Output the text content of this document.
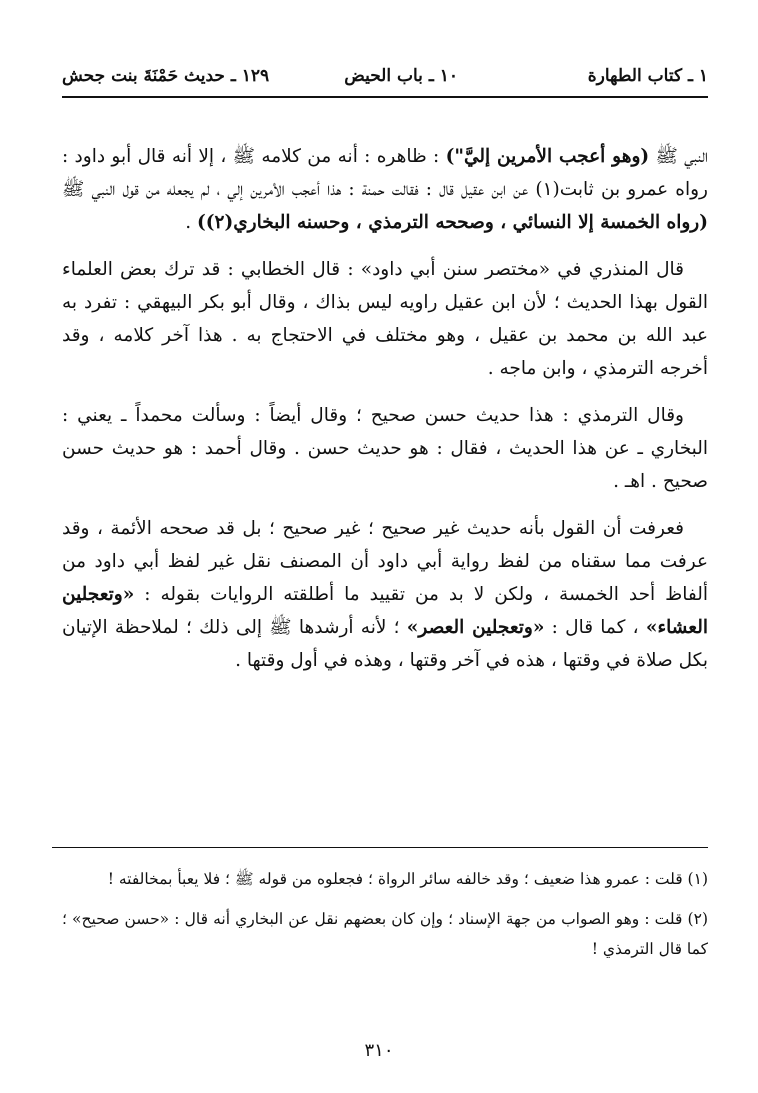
١ ـ كتاب الطهارة
١٠ ـ باب الحيض
١٢٩ ـ حديث حَمْنَةَ بنت جحش

النبي ﷺ (وهو أعجب الأمرين إليَّ") : ظاهره : أنه من كلامه ﷺ ، إلا أنه قال أبو داود : رواه عمرو بن ثابت(١) عن ابن عقيل قال : فقالت حمنة : هذا أعجب الأمرين إلي ، لم يجعله من قول النبي ﷺ (رواه الخمسة إلا النسائي ، وصححه الترمذي ، وحسنه البخاري(٢)) .

قال المنذري في «مختصر سنن أبي داود» : قال الخطابي : قد ترك بعض العلماء القول بهذا الحديث ؛ لأن ابن عقيل راويه ليس بذاك ، وقال أبو بكر البيهقي : تفرد به عبد الله بن محمد بن عقيل ، وهو مختلف في الاحتجاج به . هذا آخر كلامه ، وقد أخرجه الترمذي ، وابن ماجه .

وقال الترمذي : هذا حديث حسن صحيح ؛ وقال أيضاً : وسألت محمداً ـ يعني : البخاري ـ عن هذا الحديث ، فقال : هو حديث حسن . وقال أحمد : هو حديث حسن صحيح . اهـ .

فعرفت أن القول بأنه حديث غير صحيح ؛ غير صحيح ؛ بل قد صححه الأئمة ، وقد عرفت مما سقناه من لفظ رواية أبي داود أن المصنف نقل غير لفظ أبي داود من ألفاظ أحد الخمسة ، ولكن لا بد من تقييد ما أطلقته الروايات بقوله : «وتعجلين العشاء» ، كما قال : «وتعجلين العصر» ؛ لأنه أرشدها ﷺ إلى ذلك ؛ لملاحظة الإتيان بكل صلاة في وقتها ، هذه في آخر وقتها ، وهذه في أول وقتها .

(١) قلت : عمرو هذا ضعيف ؛ وقد خالفه سائر الرواة ؛ فجعلوه من قوله ﷺ ؛ فلا يعبأ بمخالفته !

(٢) قلت : وهو الصواب من جهة الإسناد ؛ وإن كان بعضهم نقل عن البخاري أنه قال : «حسن صحيح» ؛ كما قال الترمذي !

٣١٠
